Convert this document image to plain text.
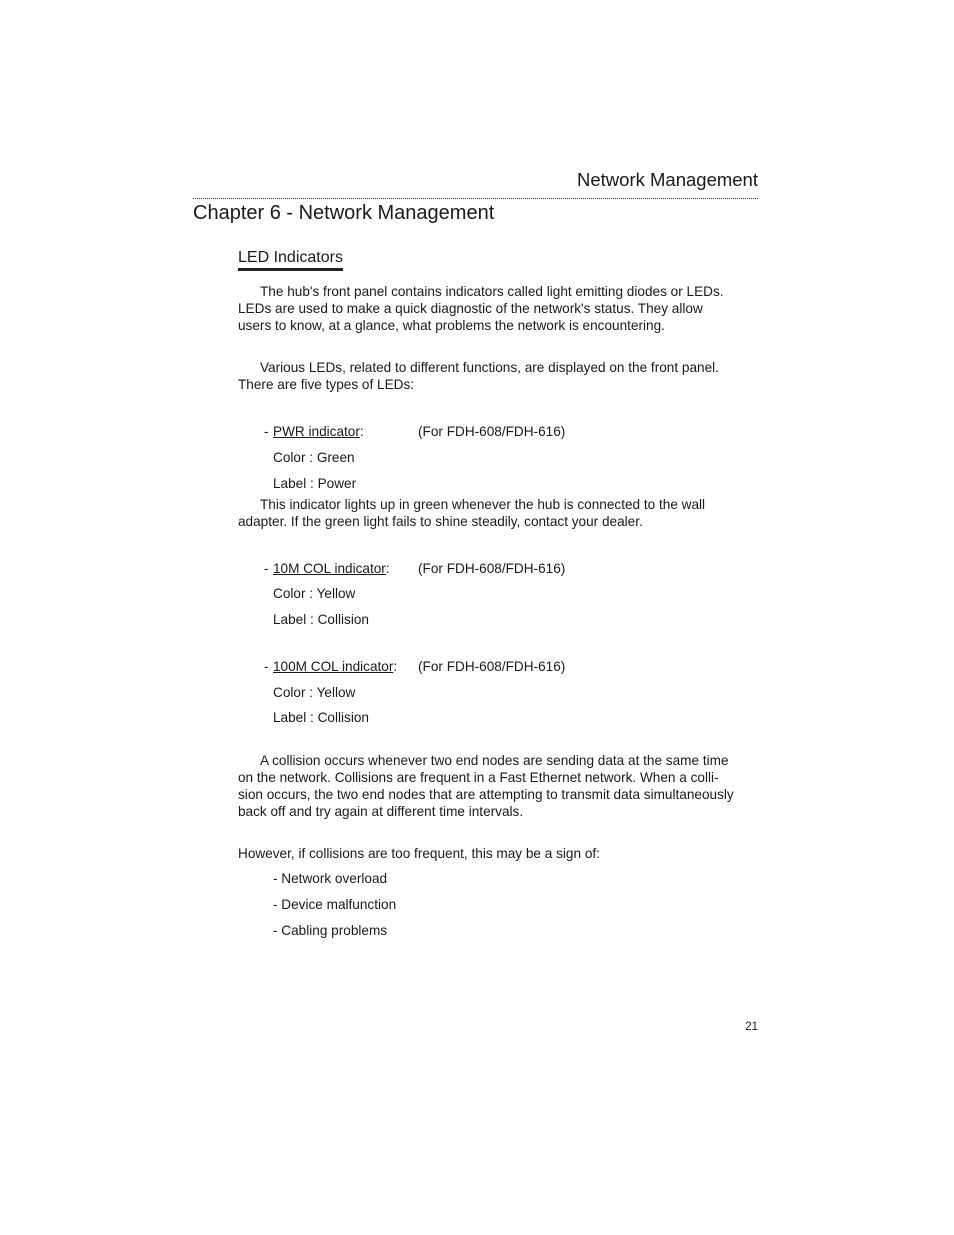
Network Management
Chapter 6 - Network Management
LED Indicators
The hub's front panel contains indicators called light emitting diodes or LEDs.
LEDs are used to make a quick diagnostic of the network's status. They allow
users to know, at a glance, what problems the network is encountering.
Various LEDs, related to different functions, are displayed on the front panel.
There are five types of LEDs:
- PWR indicator:	(For FDH-608/FDH-616)
Color : Green
Label : Power
This indicator lights up in green whenever the hub is connected to the wall
adapter. If the green light fails to shine steadily, contact your dealer.
- 10M COL indicator: (For FDH-608/FDH-616)
Color : Yellow
Label : Collision
- 100M COL indicator: (For FDH-608/FDH-616)
Color : Yellow
Label : Collision
A collision occurs whenever two end nodes are sending data at the same time
on the network. Collisions are frequent in a Fast Ethernet network. When a colli-
sion occurs, the two end nodes that are attempting to transmit data simultaneously
back off and try again at different time intervals.
However, if collisions are too frequent, this may be a sign of:
- Network overload
- Device malfunction
- Cabling problems
21
